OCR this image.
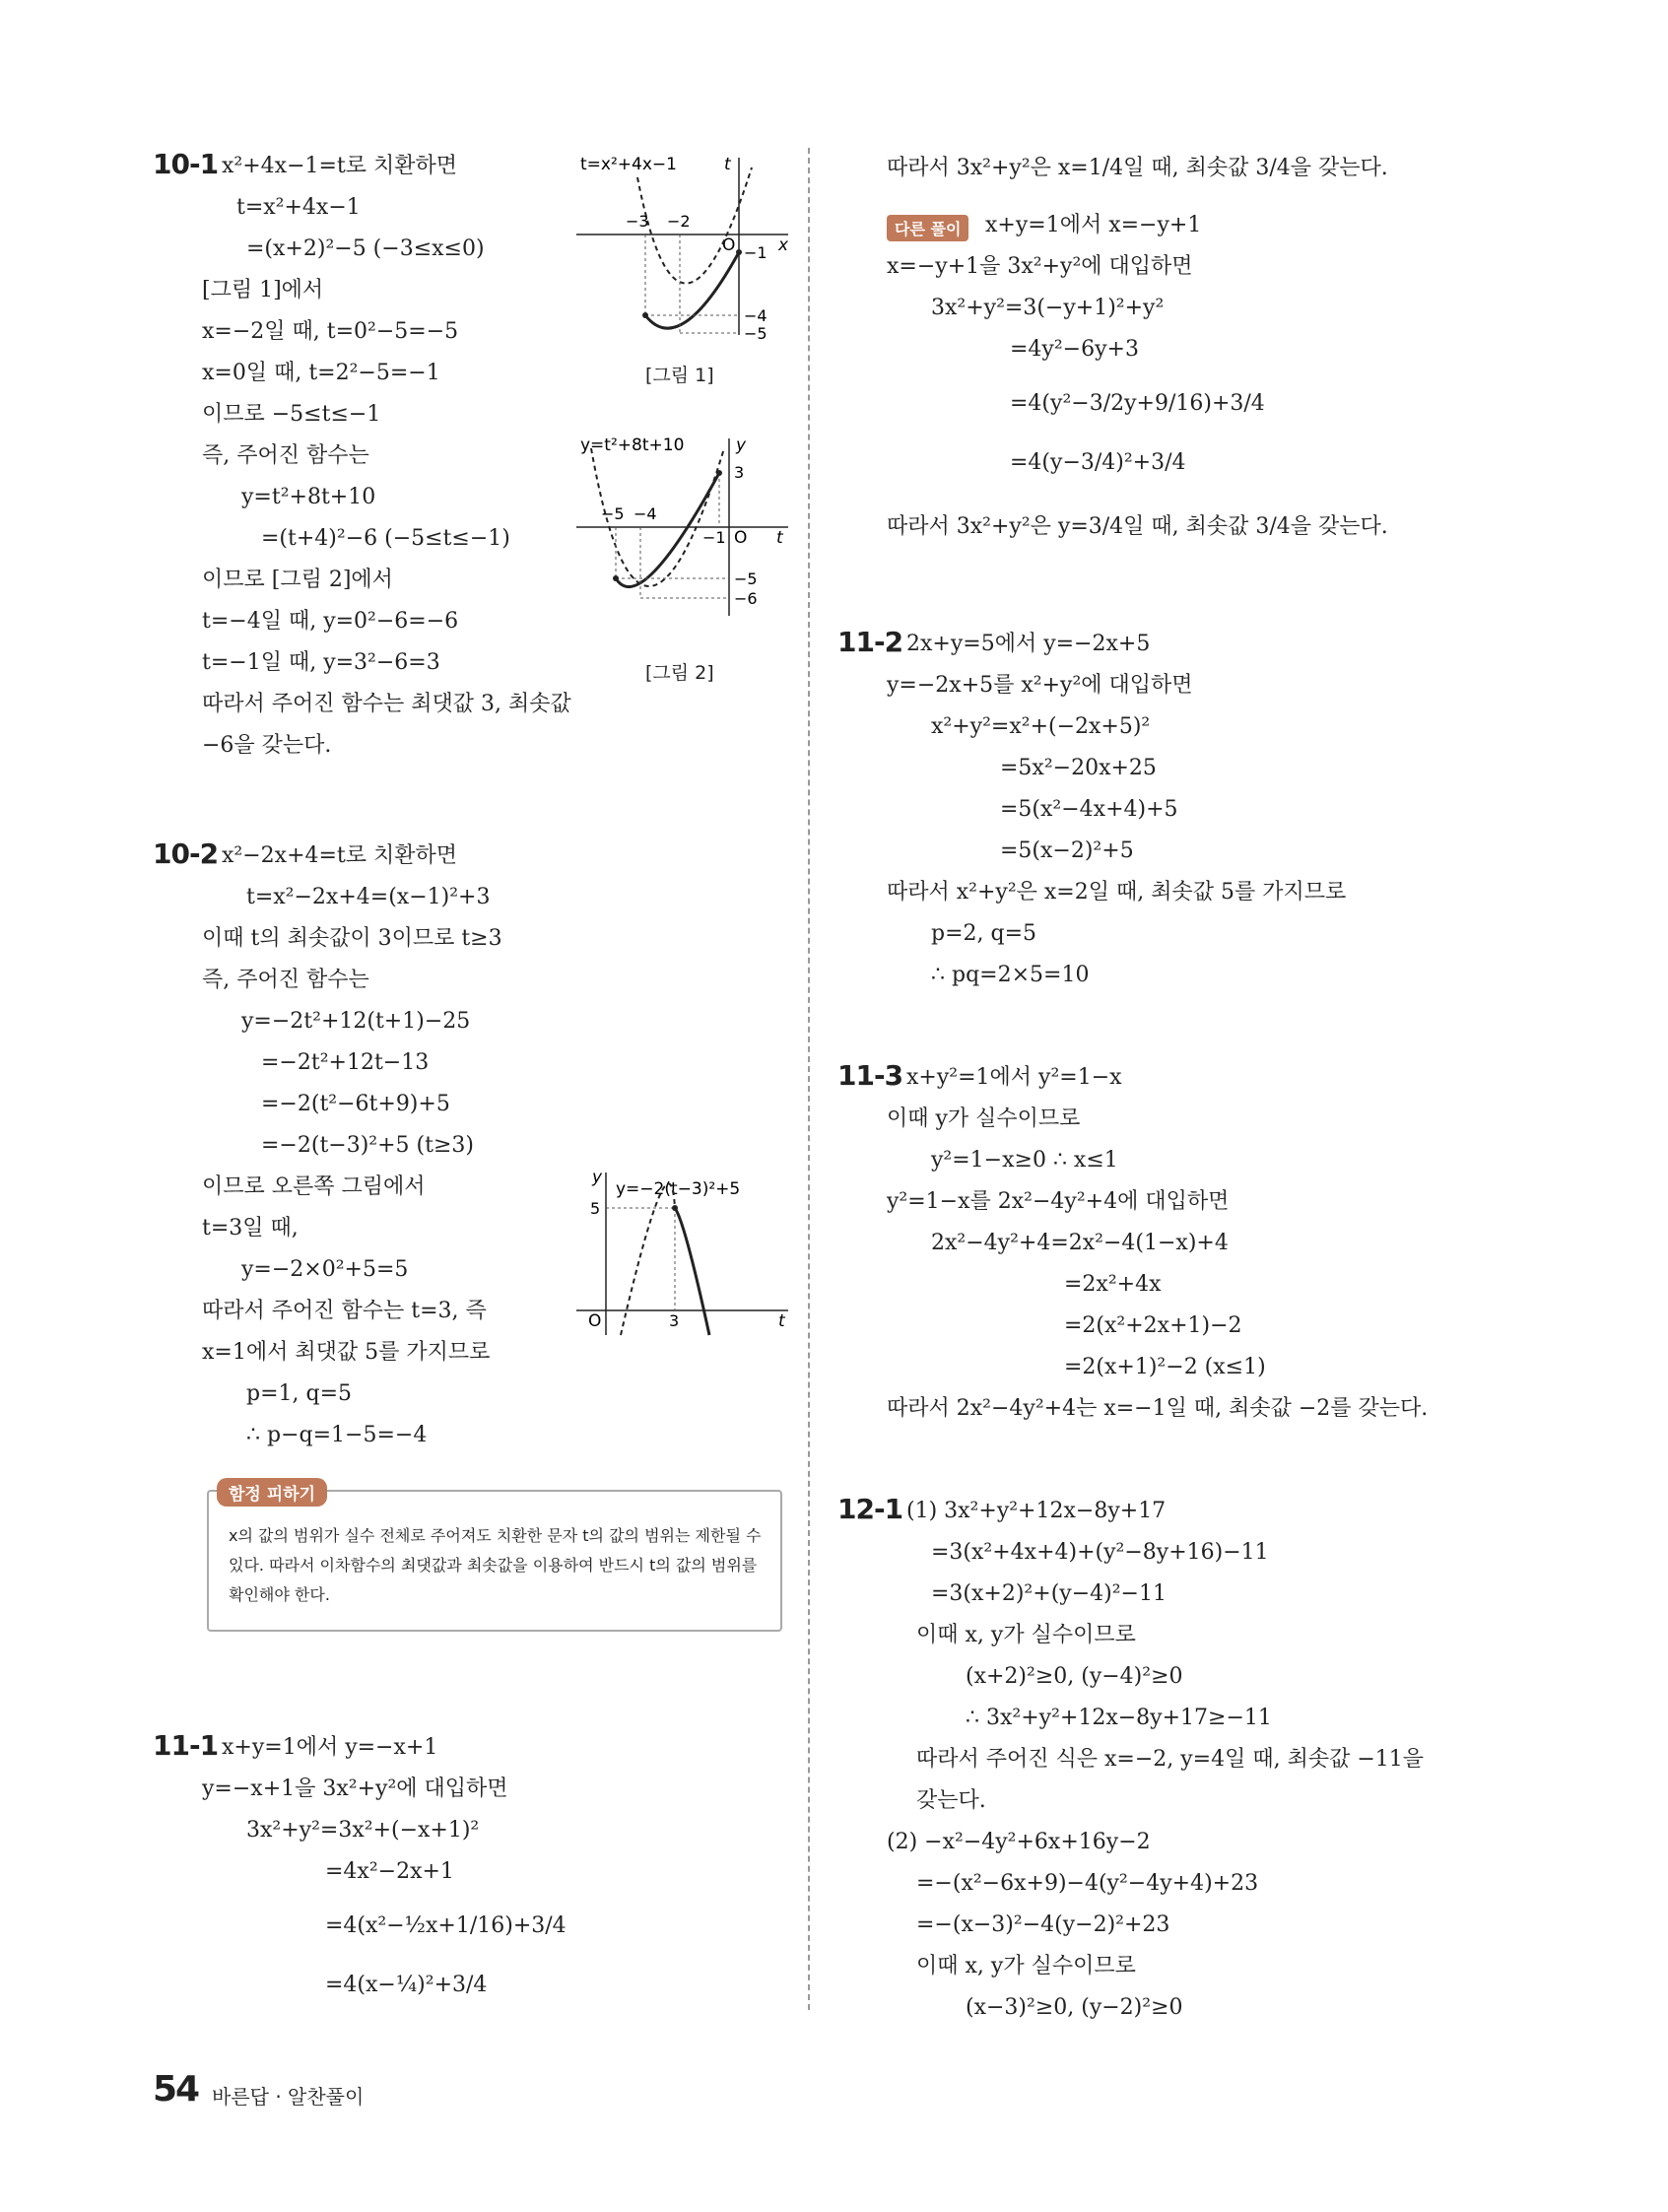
10-1 x²+4x−1=t로 치환하면
t=x²+4x−1
=(x+2)²−5 (−3≤x≤0)
[그림 1]에서
x=−2일 때, t=0²−5=−5
x=0일 때, t=2²−5=−1
이므로 −5≤t≤−1
즉, 주어진 함수는
y=t²+8t+10
=(t+4)²−6 (−5≤t≤−1)
이므로 [그림 2]에서
t=−4일 때, y=0²−6=−6
t=−1일 때, y=3²−6=3
따라서 주어진 함수는 최댓값 3, 최솟값
−6을 갖는다.
t=x²+4x−1
x
t
O
−3 −2
−1
−4
−5
[그림 1]
y=t²+8t+10
t
y
O
−5 −4
−1
3
−5
−6
[그림 2]
10-2 x²−2x+4=t로 치환하면
t=x²−2x+4=(x−1)²+3
이때 t의 최솟값이 3이므로 t≥3
즉, 주어진 함수는
y=−2t²+12(t+1)−25
=−2t²+12t−13
=−2(t²−6t+9)+5
=−2(t−3)²+5 (t≥3)
이므로 오른쪽 그림에서
t=3일 때,
y=−2×0²+5=5
따라서 주어진 함수는 t=3, 즉
x=1에서 최댓값 5를 가지므로
p=1, q=5
∴ p−q=1−5=−4
t
y
O
y=−2(t−3)²+5
5
3
함정 피하기
x의 값의 범위가 실수 전체로 주어져도 치환한 문자 t의 값의 범위는 제한될 수 있다. 따라서 이차함수의 최댓값과 최솟값을 이용하여 반드시 t의 값의 범위를 확인해야 한다.
11-1 x+y=1에서 y=−x+1
y=−x+1을 3x²+y²에 대입하면
3x²+y²=3x²+(−x+1)²
=4x²−2x+1
=4(x²−½x+1/16)+3/4
=4(x−¼)²+3/4
따라서 3x²+y²은 x=1/4일 때, 최솟값 3/4을 갖는다.
다른 풀이	x+y=1에서 x=−y+1
x=−y+1을 3x²+y²에 대입하면
3x²+y²=3(−y+1)²+y²
=4y²−6y+3
=4(y²−3/2y+9/16)+3/4
=4(y−3/4)²+3/4
따라서 3x²+y²은 y=3/4일 때, 최솟값 3/4을 갖는다.
11-2 2x+y=5에서 y=−2x+5
y=−2x+5를 x²+y²에 대입하면
x²+y²=x²+(−2x+5)²
=5x²−20x+25
=5(x²−4x+4)+5
=5(x−2)²+5
따라서 x²+y²은 x=2일 때, 최솟값 5를 가지므로
p=2, q=5
∴ pq=2×5=10
11-3 x+y²=1에서 y²=1−x
이때 y가 실수이므로
y²=1−x≥0 ∴ x≤1
y²=1−x를 2x²−4y²+4에 대입하면
2x²−4y²+4=2x²−4(1−x)+4
=2x²+4x
=2(x²+2x+1)−2
=2(x+1)²−2 (x≤1)
따라서 2x²−4y²+4는 x=−1일 때, 최솟값 −2를 갖는다.
12-1 (1) 3x²+y²+12x−8y+17
=3(x²+4x+4)+(y²−8y+16)−11
=3(x+2)²+(y−4)²−11
이때 x, y가 실수이므로
(x+2)²≥0, (y−4)²≥0
∴ 3x²+y²+12x−8y+17≥−11
따라서 주어진 식은 x=−2, y=4일 때, 최솟값 −11을
갖는다.
(2) −x²−4y²+6x+16y−2
=−(x²−6x+9)−4(y²−4y+4)+23
=−(x−3)²−4(y−2)²+23
이때 x, y가 실수이므로
(x−3)²≥0, (y−2)²≥0
54 바른답 · 알찬풀이
